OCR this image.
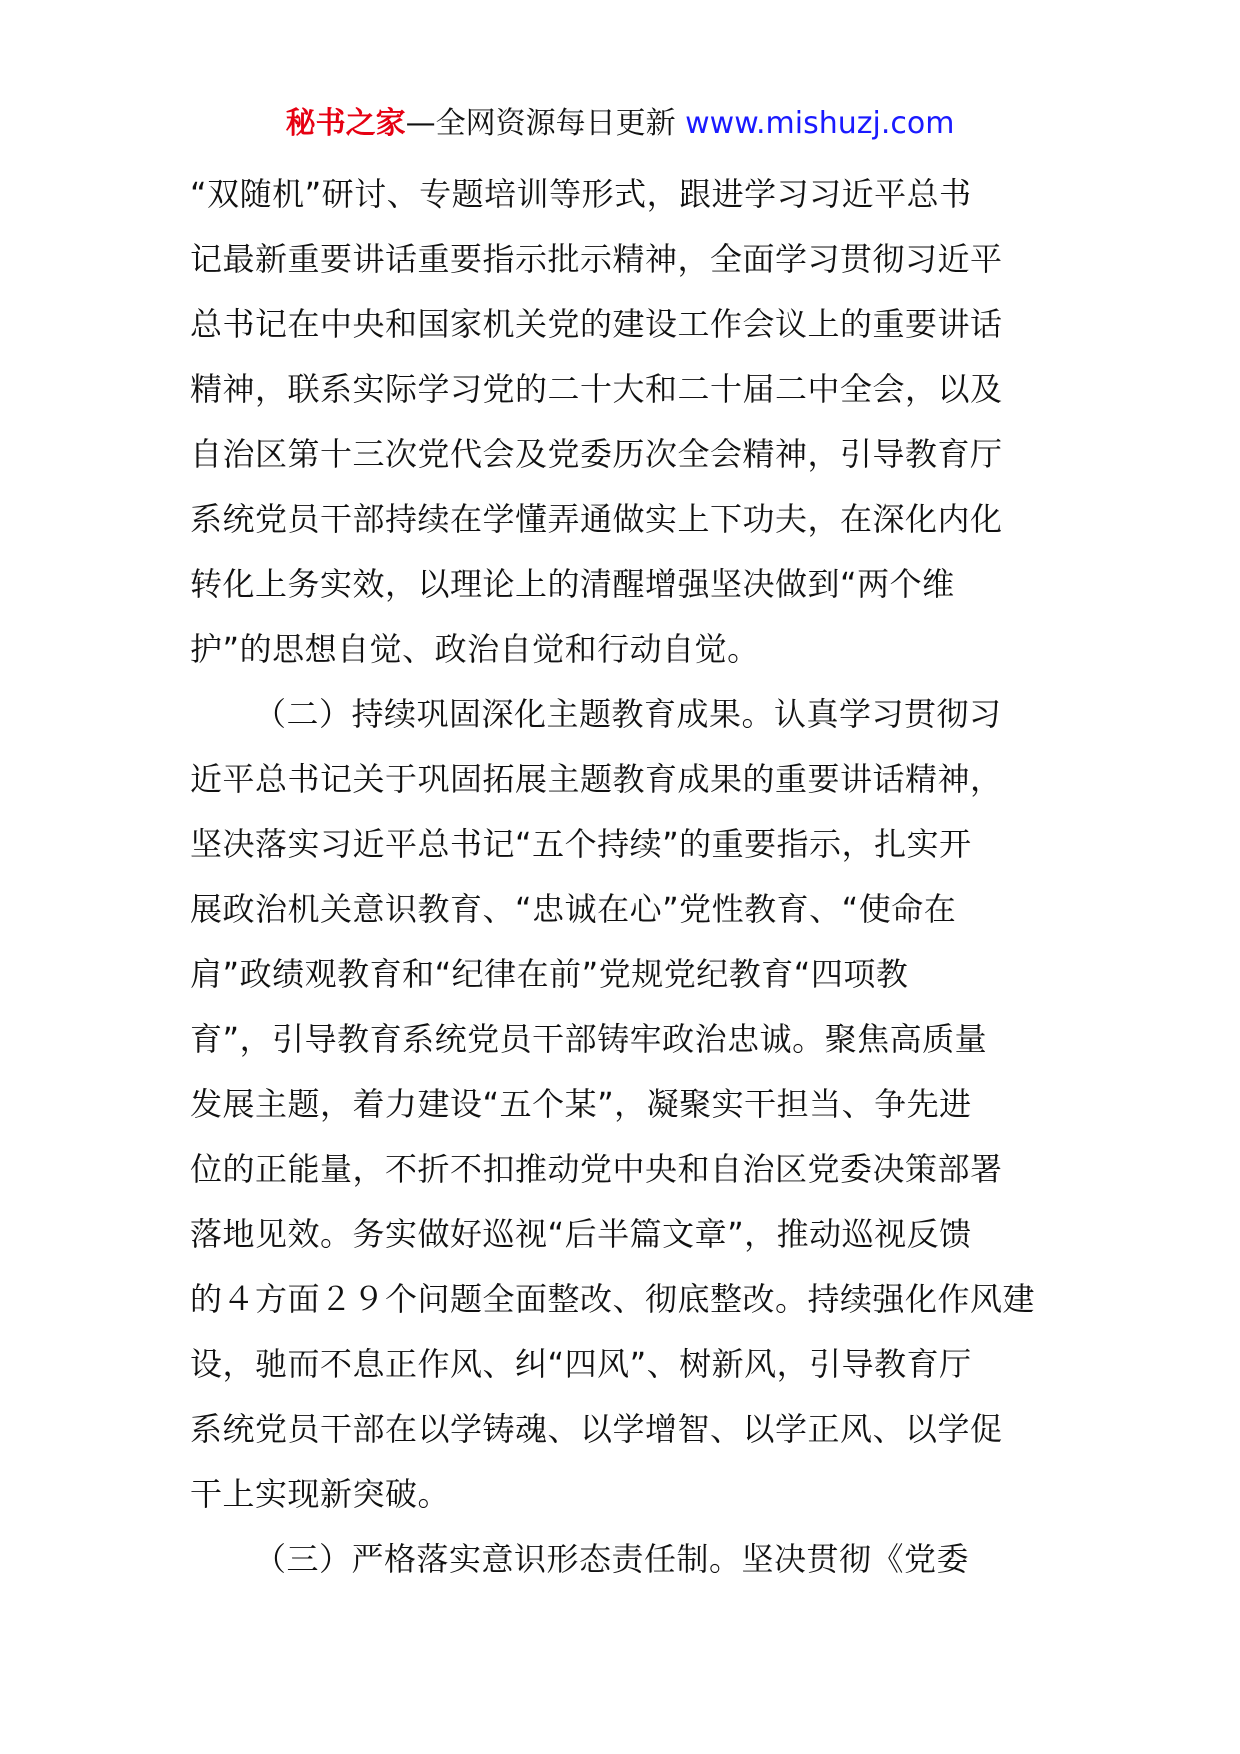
秘书之家—全网资源每日更新 www.mishuzj.com
“双随机”研讨、专题培训等形式，跟进学习习近平总书
记最新重要讲话重要指示批示精神，全面学习贯彻习近平
总书记在中央和国家机关党的建设工作会议上的重要讲话
精神，联系实际学习党的二十大和二十届二中全会，以及
自治区第十三次党代会及党委历次全会精神，引导教育厅
系统党员干部持续在学懂弄通做实上下功夫，在深化内化
转化上务实效，以理论上的清醒增强坚决做到“两个维
护”的思想自觉、政治自觉和行动自觉。
（二）持续巩固深化主题教育成果。认真学习贯彻习
近平总书记关于巩固拓展主题教育成果的重要讲话精神，
坚决落实习近平总书记“五个持续”的重要指示，扎实开
展政治机关意识教育、“忠诚在心”党性教育、“使命在
肩”政绩观教育和“纪律在前”党规党纪教育“四项教
育”，引导教育系统党员干部铸牢政治忠诚。聚焦高质量
发展主题，着力建设“五个某”，凝聚实干担当、争先进
位的正能量，不折不扣推动党中央和自治区党委决策部署
落地见效。务实做好巡视“后半篇文章”，推动巡视反馈
的４方面２９个问题全面整改、彻底整改。持续强化作风建
设，驰而不息正作风、纠“四风”、树新风，引导教育厅
系统党员干部在以学铸魂、以学增智、以学正风、以学促
干上实现新突破。
（三）严格落实意识形态责任制。坚决贯彻《党委
